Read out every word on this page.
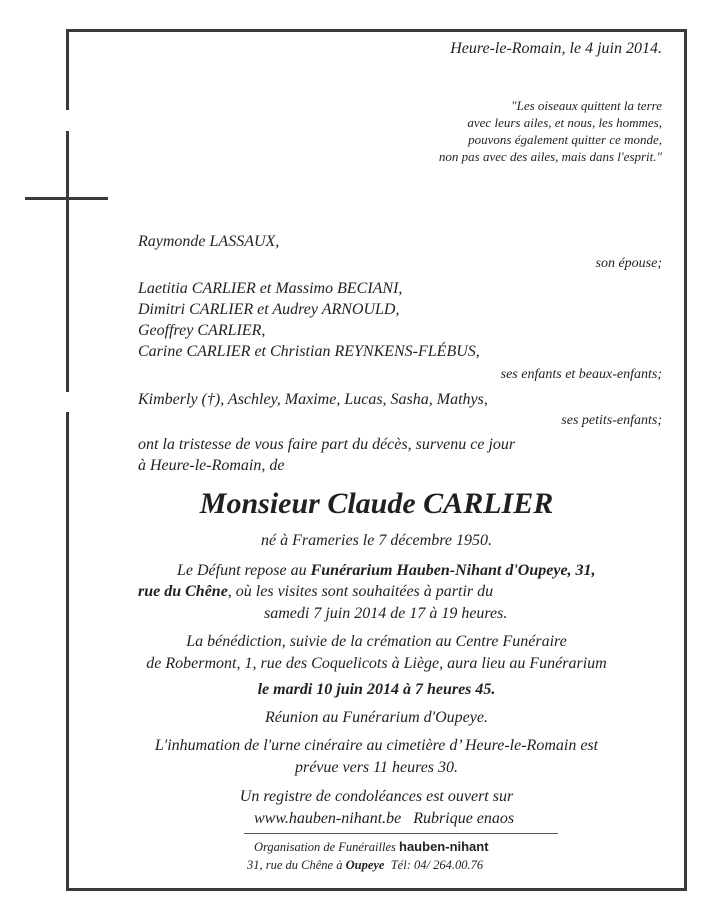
Heure-le-Romain, le 4 juin 2014.
"Les oiseaux quittent la terre
avec leurs ailes, et nous, les hommes,
pouvons également quitter ce monde,
non pas avec des ailes, mais dans l'esprit."
Raymonde LASSAUX,
son épouse;
Laetitia CARLIER et Massimo BECIANI,
Dimitri CARLIER et Audrey ARNOULD,
Geoffrey CARLIER,
Carine CARLIER et Christian REYNKENS-FLÉBUS,
ses enfants et beaux-enfants;
Kimberly (†), Aschley, Maxime, Lucas, Sasha, Mathys,
ses petits-enfants;
ont la tristesse de vous faire part du décès, survenu ce jour
à Heure-le-Romain, de
Monsieur Claude CARLIER
né à Frameries le 7 décembre 1950.
Le Défunt repose au Funérarium Hauben-Nihant d'Oupeye, 31,
rue du Chêne, où les visites sont souhaitées à partir du
samedi 7 juin 2014 de 17 à 19 heures.
La bénédiction, suivie de la crémation au Centre Funéraire
de Robermont, 1, rue des Coquelicots à Liège, aura lieu au Funérarium
le mardi 10 juin 2014 à 7 heures 45.
Réunion au Funérarium d'Oupeye.
L'inhumation de l'urne cinéraire au cimetière d’ Heure-le-Romain est
prévue vers 11 heures 30.
Un registre de condoléances est ouvert sur
www.hauben-nihant.be Rubrique enaos
Organisation de Funérailles hauben-nihant
31, rue du Chêne à Oupeye Tél: 04/ 264.00.76
